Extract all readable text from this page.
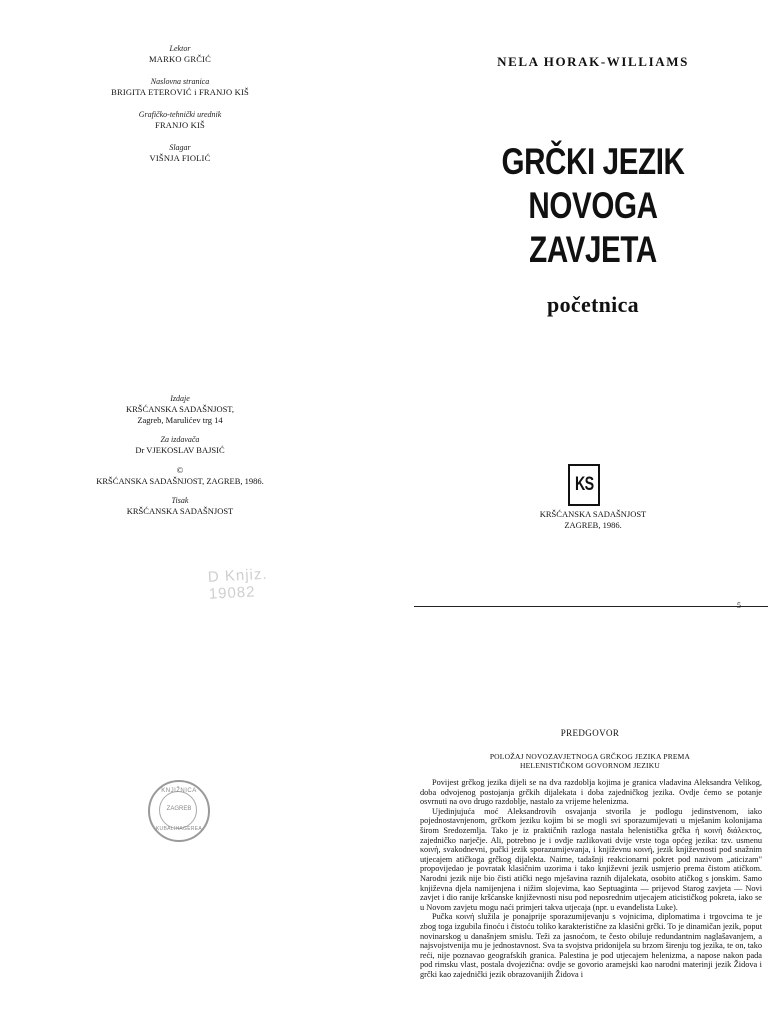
Lektor
MARKO GRČIĆ
Naslovna stranica
BRIGITA ETEROVIĆ i FRANJO KIŠ
Grafičko-tehnički urednik
FRANJO KIŠ
Slagar
VIŠNJA FIOLIĆ
Izdaje
KRŠĆANSKA SADAŠNJOST,
Zagreb, Marulićev trg 14
Za izdavača
Dr VJEKOSLAV BAJSIĆ
©
KRŠĆANSKA SADAŠNJOST, ZAGREB, 1986.
Tisak
KRŠĆANSKA SADAŠNJOST
D Knjiz. 19082
NELA HORAK-WILLIAMS
GRČKI JEZIK
NOVOGA
ZAVJETA
početnica
KS
KRŠĆANSKA SADAŠNJOST
ZAGREB, 1986.
5
PREDGOVOR
POLOŽAJ NOVOZAVJETNOGA GRČKOG JEZIKA PREMA
HELENISTIČKOM GOVORNOM JEZIKU

Povijest grčkog jezika dijeli se na dva razdoblja kojima je granica vladavina Aleksandra Velikog, doba odvojenog postojanja grčkih dijalekata i doba zajedničkog jezika. Ovdje ćemo se potanje osvrnuti na ovo drugo razdoblje, nastalo za vrijeme helenizma.

Ujedinjujuća moć Aleksandrovih osvajanja stvorila je podlogu jedinstvenom, iako pojednostavnjenom, grčkom jeziku kojim bi se mogli svi sporazumijevati u mješanim kolonijama širom Sredozemlja. Tako je iz praktičnih razloga nastala helenistička grčka ἡ κοινὴ διάλεκτος, zajedničko narječje. Ali, potrebno je i ovdje razlikovati dvije vrste toga općeg jezika: tzv. usmenu κοινή, svakodnevni, pučki jezik sporazumijevanja, i književnu κοινή, jezik književnosti pod snažnim utjecajem atičkoga grčkog dijalekta. Naime, tadašnji reakcionarni pokret pod nazivom „aticizam" propovijedao je povratak klasičnim uzorima i tako književni jezik usmjerio prema čistom atičkom. Narodni jezik nije bio čisti atički nego mješavina raznih dijalekata, osobito atičkog s jonskim. Samo književna djela namijenjena i nižim slojevima, kao Septuaginta — prijevod Starog zavjeta — Novi zavjet i dio ranije kršćanske književnosti nisu pod neposrednim utjecajem aticističkog pokreta, iako se u Novom zavjetu mogu naći primjeri takva utjecaja (npr. u evanđelista Luke).

Pučka κοινή služila je ponajprije sporazumijevanju s vojnicima, diplomatima i trgovcima te je zbog toga izgubila finoću i čistoću toliko karakterističnе za klasični grčki. To je dinamičan jezik, poput novinarskog u današnjem smislu. Teži za jasnoćom, te često obiluje redundantnim naglašavanjem, a najsvojstvenija mu je jednostavnost. Sva ta svojstva pridonijela su brzom širenju tog jezika, te on, tako reći, nije poznavao geografskih granica. Palestina je pod utjecajem helenizma, a napose nakon pada pod rimsku vlast, postala dvojezična: ovdje se govorio aramejski kao narodni materinji jezik Židova i grčki kao zajednički jezik obrazovanijih Židova i

KNJIŽNICA
ZAGREB
KUBALIHAGEREA
